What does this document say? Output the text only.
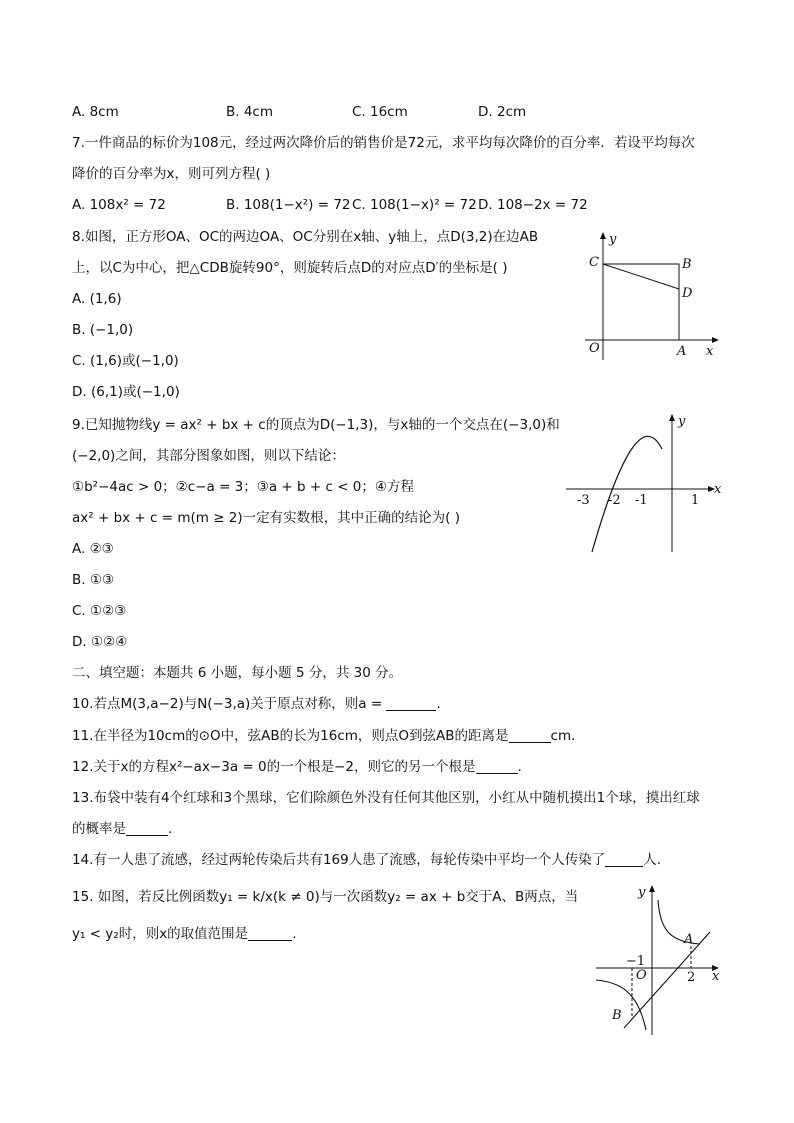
A. 8cm	B. 4cm	C. 16cm	D. 2cm
7.一件商品的标价为108元，经过两次降价后的销售价是72元，求平均每次降价的百分率．若设平均每次
降价的百分率为x，则可列方程( )
A. 108x² = 72	B. 108(1−x²) = 72 C. 108(1−x)² = 72 D. 108−2x = 72
8.如图，正方形OA、OC的两边OA、OC分别在x轴、y轴上，点D(3,2)在边AB
上，以C为中心，把△CDB旋转90°，则旋转后点D的对应点D′的坐标是( )
A. (1,6)
B. (−1,0)
C. (1,6)或(−1,0)
D. (6,1)或(−1,0)
y
C	B
D
O	A x
9.已知抛物线y = ax² + bx + c的顶点为D(−1,3)，与x轴的一个交点在(−3,0)和
(−2,0)之间，其部分图象如图，则以下结论：
①b²−4ac > 0；②c−a = 3；③a + b + c < 0；④方程
ax² + bx + c = m(m ≥ 2)一定有实数根，其中正确的结论为( )
A. ②③
B. ①③
C. ①②③
D. ①②④
y
x
-3 -2 -1	1
二、填空题：本题共 6 小题，每小题 5 分，共 30 分。
10.若点M(3,a−2)与N(−3,a)关于原点对称，则a =	.
11.在半径为10cm的⊙O中，弦AB的长为16cm，则点O到弦AB的距离是	cm.
12.关于x的方程x²−ax−3a = 0的一个根是−2，则它的另一个根是	.
13.布袋中装有4个红球和3个黑球，它们除颜色外没有任何其他区别，小红从中随机摸出1个球，摸出红球
的概率是	.
14.有一人患了流感，经过两轮传染后共有169人患了流感，每轮传染中平均一个人传染了	人.
15. 如图，若反比例函数y₁ = k/x(k ≠ 0)与一次函数y₂ = ax + b交于A、B两点，当
y₁ < y₂时，则x的取值范围是	.
y
x
A
B
O
−1
2
